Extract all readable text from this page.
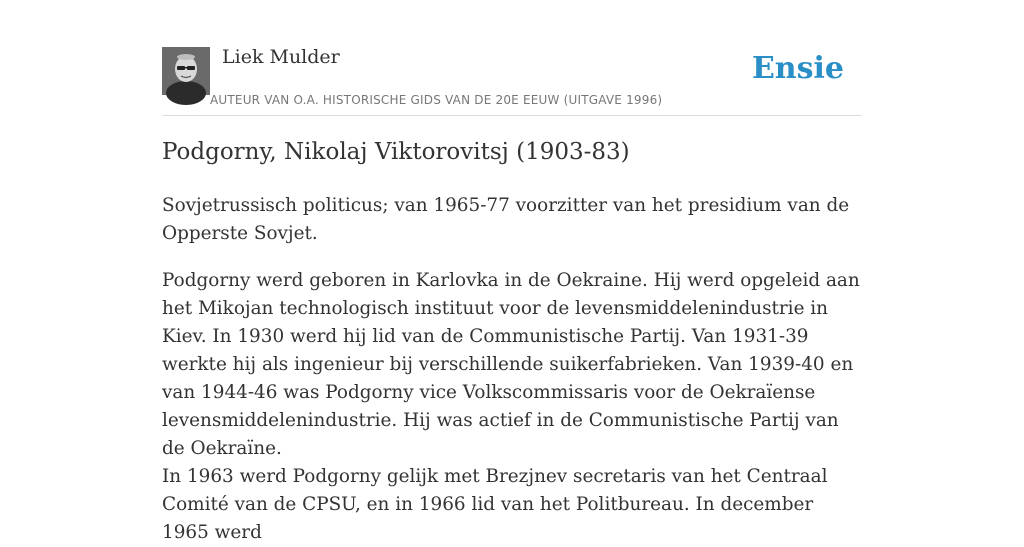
Liek Mulder
AUTEUR VAN O.A. HISTORISCHE GIDS VAN DE 20E EEUW (UITGAVE 1996)
Ensie
Podgorny, Nikolaj Viktorovitsj (1903-83)

Sovjetrussisch politicus; van 1965-77 voorzitter van het presidium van de Opperste Sovjet.

Podgorny werd geboren in Karlovka in de Oekraine. Hij werd opgeleid aan het Mikojan technologisch instituut voor de levensmiddelenindustrie in Kiev. In 1930 werd hij lid van de Communistische Partij. Van 1931-39 werkte hij als ingenieur bij verschillende suikerfabrieken. Van 1939-40 en van 1944-46 was Podgorny vice Volkscommissaris voor de Oekraïense levensmiddelenindustrie. Hij was actief in de Communistische Partij van de Oekraïne.

In 1963 werd Podgorny gelijk met Brezjnev secretaris van het Centraal Comité van de CPSU, en in 1966 lid van het Politbureau. In december 1965 werd
